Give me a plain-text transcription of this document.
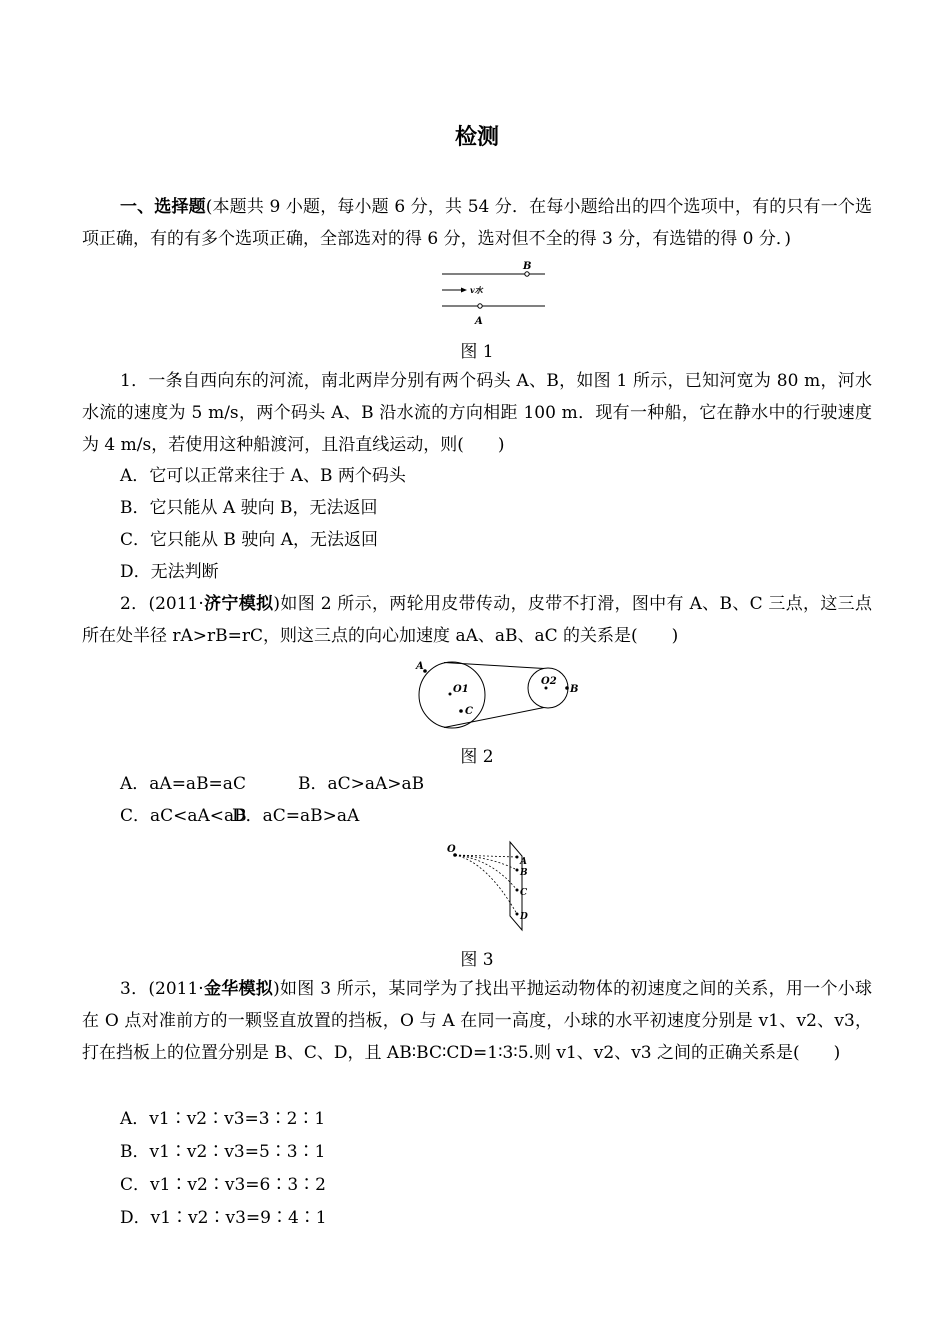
检测
一、选择题(本题共 9 小题，每小题 6 分，共 54 分．在每小题给出的四个选项中，有的只有一个选项正确，有的有多个选项正确，全部选对的得 6 分，选对但不全的得 3 分，有选错的得 0 分．)
B
A
v水
图 1
1．一条自西向东的河流，南北两岸分别有两个码头 A、B，如图 1 所示，已知河宽为 80 m，河水水流的速度为 5 m/s，两个码头 A、B 沿水流的方向相距 100 m．现有一种船，它在静水中的行驶速度为 4 m/s，若使用这种船渡河，且沿直线运动，则(　　)
A．它可以正常来往于 A、B 两个码头
B．它只能从 A 驶向 B，无法返回
C．它只能从 B 驶向 A，无法返回
D．无法判断
2．(2011·济宁模拟)如图 2 所示，两轮用皮带传动，皮带不打滑，图中有 A、B、C 三点，这三点所在处半径 rA>rB=rC，则这三点的向心加速度 aA、aB、aC 的关系是(　　)
A
O1
C
O2
B
图 2
A．aA=aB=aC	B．aC>aA>aB
C．aC<aA<aB
D．aC=aB>aA
O
A
B
C
D
图 3
3．(2011·金华模拟)如图 3 所示，某同学为了找出平抛运动物体的初速度之间的关系，用一个小球在 O 点对准前方的一颗竖直放置的挡板，O 与 A 在同一高度，小球的水平初速度分别是 v1、v2、v3，打在挡板上的位置分别是 B、C、D，且 AB∶BC∶CD=1∶3∶5.则 v1、v2、v3 之间的正确关系是(　　)
A．v1∶v2∶v3=3∶2∶1
B．v1∶v2∶v3=5∶3∶1
C．v1∶v2∶v3=6∶3∶2
D．v1∶v2∶v3=9∶4∶1
